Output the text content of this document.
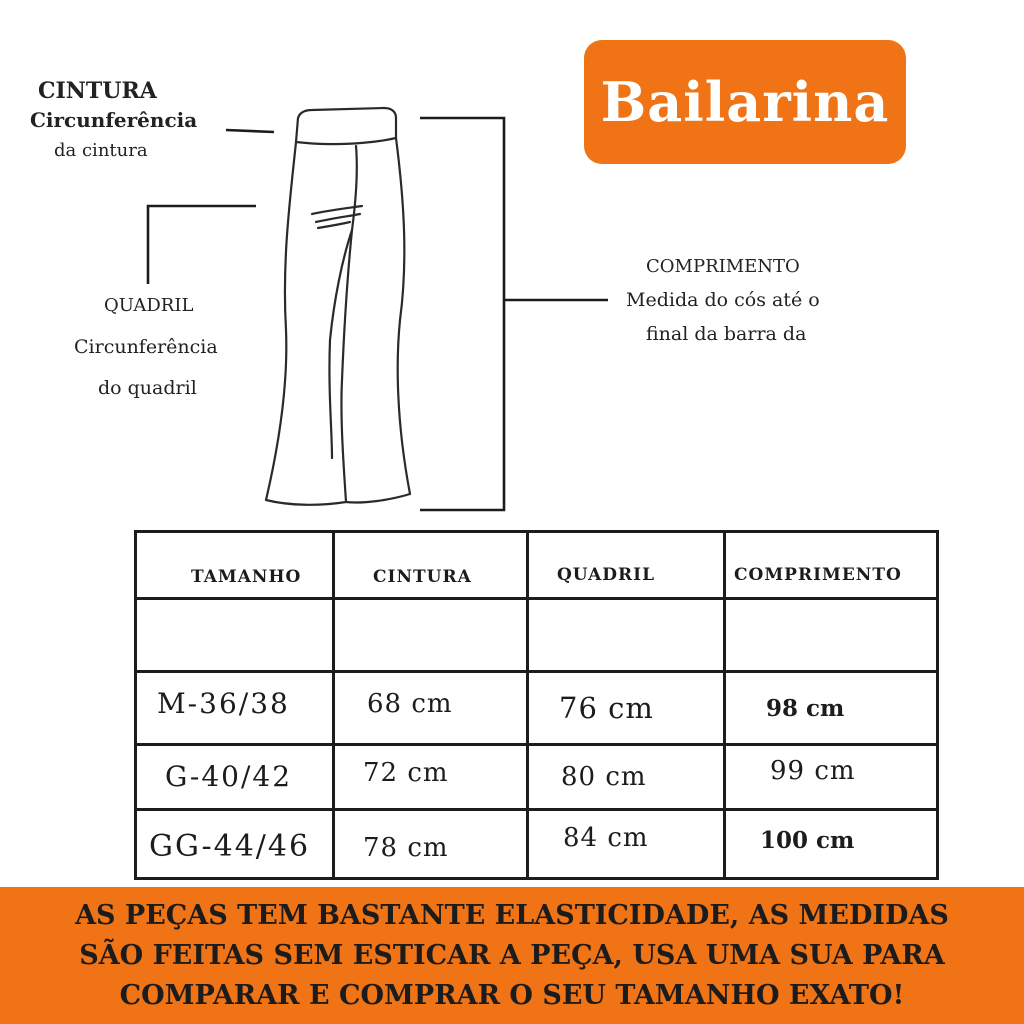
Bailarina
CINTURA
Circunferência
da cintura
QUADRIL
Circunferência
do quadril
COMPRIMENTO
Medida do cós até o
final da barra da
TAMANHO	CINTURA	QUADRIL	COMPRIMENTO

M-36/38	68 cm	76 cm	98 cm

G-40/42	72 cm	80 cm	99 cm

GG-44/46	78 cm	84 cm	100 cm
AS PEÇAS TEM BASTANTE ELASTICIDADE, AS MEDIDAS
SÃO FEITAS SEM ESTICAR A PEÇA, USA UMA SUA PARA
COMPARAR E COMPRAR O SEU TAMANHO EXATO!
